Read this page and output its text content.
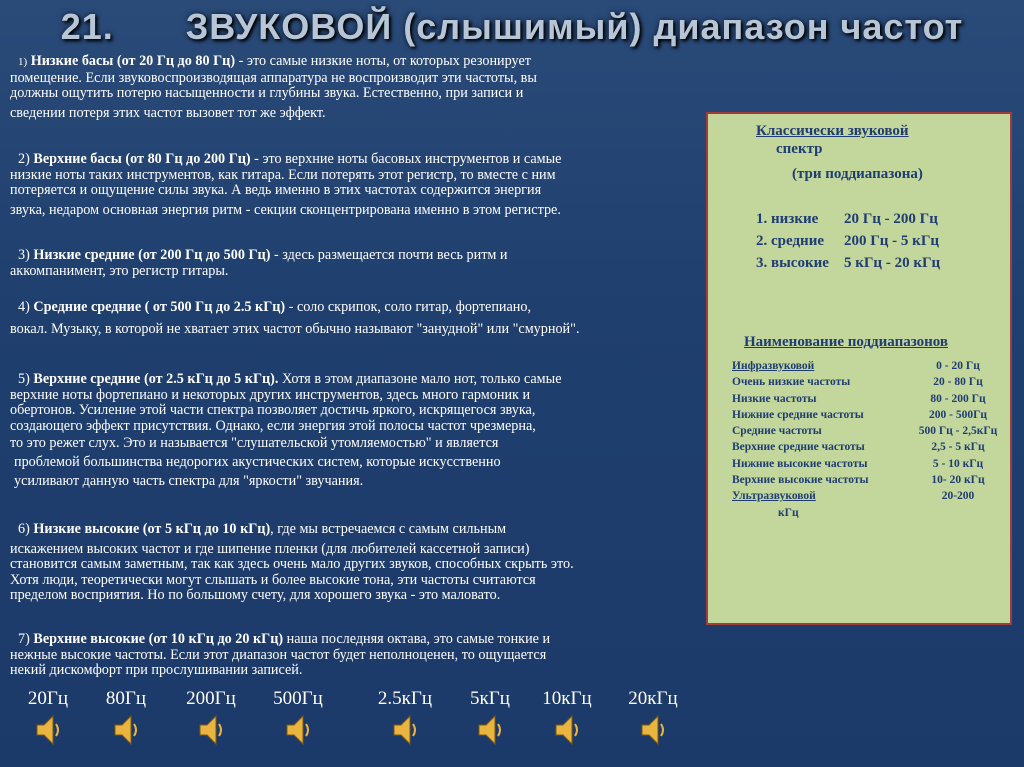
21. ЗВУКОВОЙ (слышимый) диапазон частот
1) Низкие басы (от 20 Гц до 80 Гц) - это самые низкие ноты, от которых резонирует
помещение. Если звуковоспроизводящая аппаратура не воспроизводит эти частоты, вы
должны ощутить потерю насыщенности и глубины звука. Естественно, при записи и
сведении потеря этих частот вызовет тот же эффект.
2) Верхние басы (от 80 Гц до 200 Гц) - это верхние ноты басовых инструментов и самые
низкие ноты таких инструментов, как гитара. Если потерять этот регистр, то вместе с ним
потеряется и ощущение силы звука. А ведь именно в этих частотах содержится энергия
звука, недаром основная энергия ритм - секции сконцентрирована именно в этом регистре.
3) Низкие средние (от 200 Гц до 500 Гц) - здесь размещается почти весь ритм и
аккомпанимент, это регистр гитары.
4) Средние средние ( от 500 Гц до 2.5 кГц) - соло скрипок, соло гитар, фортепиано,
вокал. Музыку, в которой не хватает этих частот обычно называют "занудной" или "смурной".
5) Верхние средние (от 2.5 кГц до 5 кГц). Хотя в этом диапазоне мало нот, только самые
верхние ноты фортепиано и некоторых других инструментов, здесь много гармоник и
обертонов. Усиление этой части спектра позволяет достичь яркого, искрящегося звука,
создающего эффект присутствия. Однако, если энергия этой полосы частот чрезмерна,
то это режет слух. Это и называется "слушательской утомляемостью" и является
проблемой большинства недорогих акустических систем, которые искусственно
усиливают данную часть спектра для "яркости" звучания.
6) Низкие высокие (от 5 кГц до 10 кГц), где мы встречаемся с самым сильным
искажением высоких частот и где шипение пленки (для любителей кассетной записи)
становится самым заметным, так как здесь очень мало других звуков, способных скрыть это.
Хотя люди, теоретически могут слышать и более высокие тона, эти частоты считаются
пределом восприятия. Но по большому счету, для хорошего звука - это маловато.
7) Верхние высокие (от 10 кГц до 20 кГц) наша последняя октава, это самые тонкие и
нежные высокие частоты. Если этот диапазон частот будет неполноценен, то ощущается
некий дискомфорт при прослушивании записей.
Классически звуковой
спектр
(три поддиапазона)
1. низкие	20 Гц - 200 Гц
2. средние	200 Гц - 5 кГц
3. высокие	5 кГц - 20 кГц
Наименование поддиапазонов
Инфразвуковой	0 - 20 Гц
Очень низкие частоты	20 - 80 Гц
Низкие частоты	80 - 200 Гц
Нижние средние частоты	200 - 500Гц
Средние частоты	500 Гц - 2,5кГц
Верхние средние частоты	2,5 - 5 кГц
Нижние высокие частоты	5 - 10 кГц
Верхние высокие частоты	10- 20 кГц
Ультразвуковой	20-200
кГц
20Гц 80Гц 200Гц 500Гц	2.5кГц 5кГц 10кГц 20кГц
